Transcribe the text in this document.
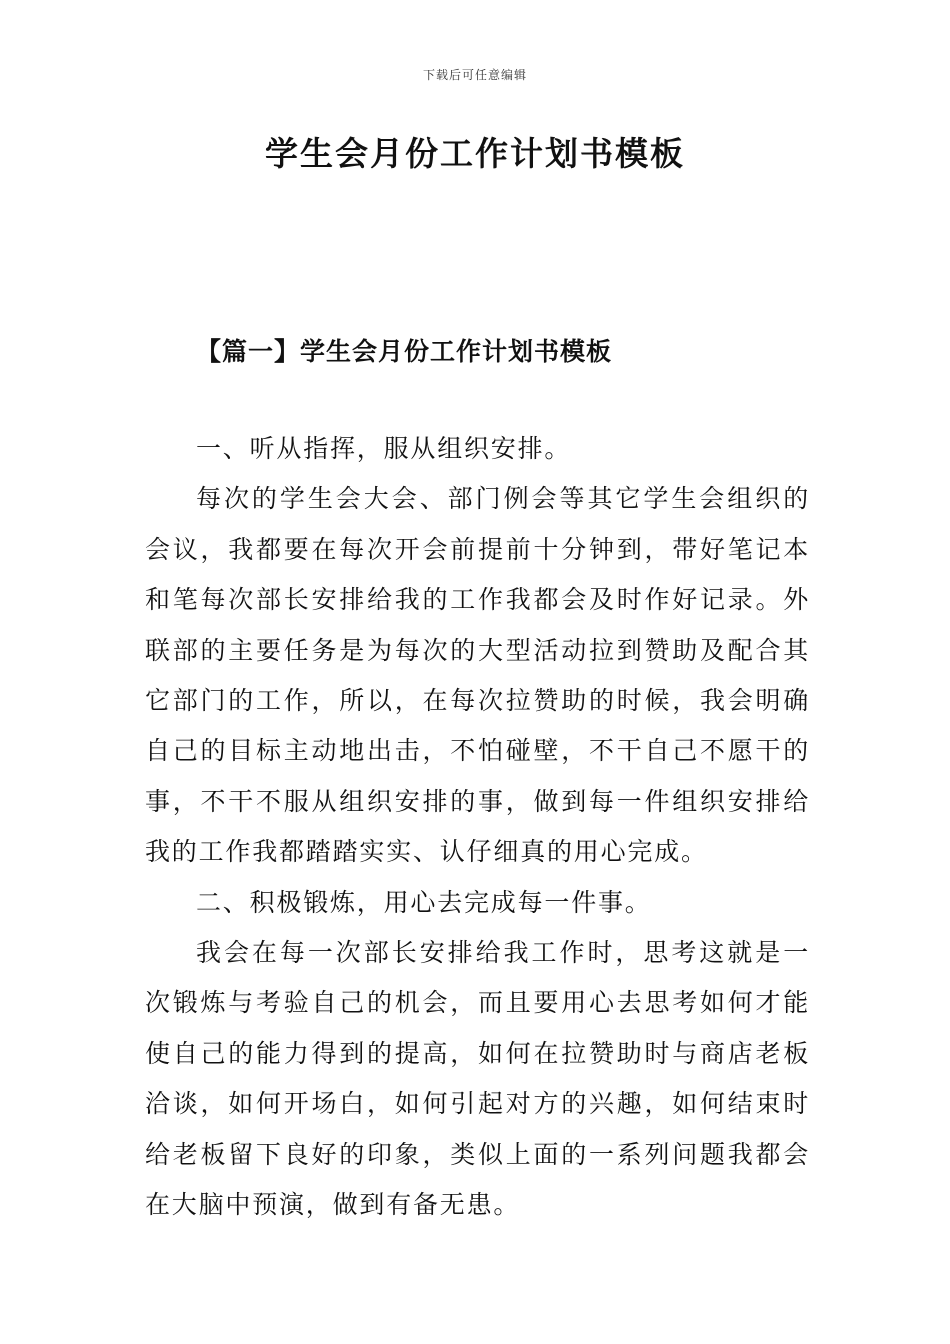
下载后可任意编辑
学生会月份工作计划书模板
【篇一】学生会月份工作计划书模板

一、听从指挥，服从组织安排。

每次的学生会大会、部门例会等其它学生会组织的会议，我都要在每次开会前提前十分钟到，带好笔记本和笔每次部长安排给我的工作我都会及时作好记录。外联部的主要任务是为每次的大型活动拉到赞助及配合其它部门的工作，所以，在每次拉赞助的时候，我会明确自己的目标主动地出击，不怕碰壁，不干自己不愿干的事，不干不服从组织安排的事，做到每一件组织安排给我的工作我都踏踏实实、认仔细真的用心完成。

二、积极锻炼，用心去完成每一件事。

我会在每一次部长安排给我工作时，思考这就是一次锻炼与考验自己的机会，而且要用心去思考如何才能使自己的能力得到的提高，如何在拉赞助时与商店老板洽谈，如何开场白，如何引起对方的兴趣，如何结束时给老板留下良好的印象，类似上面的一系列问题我都会在大脑中预演，做到有备无患。
